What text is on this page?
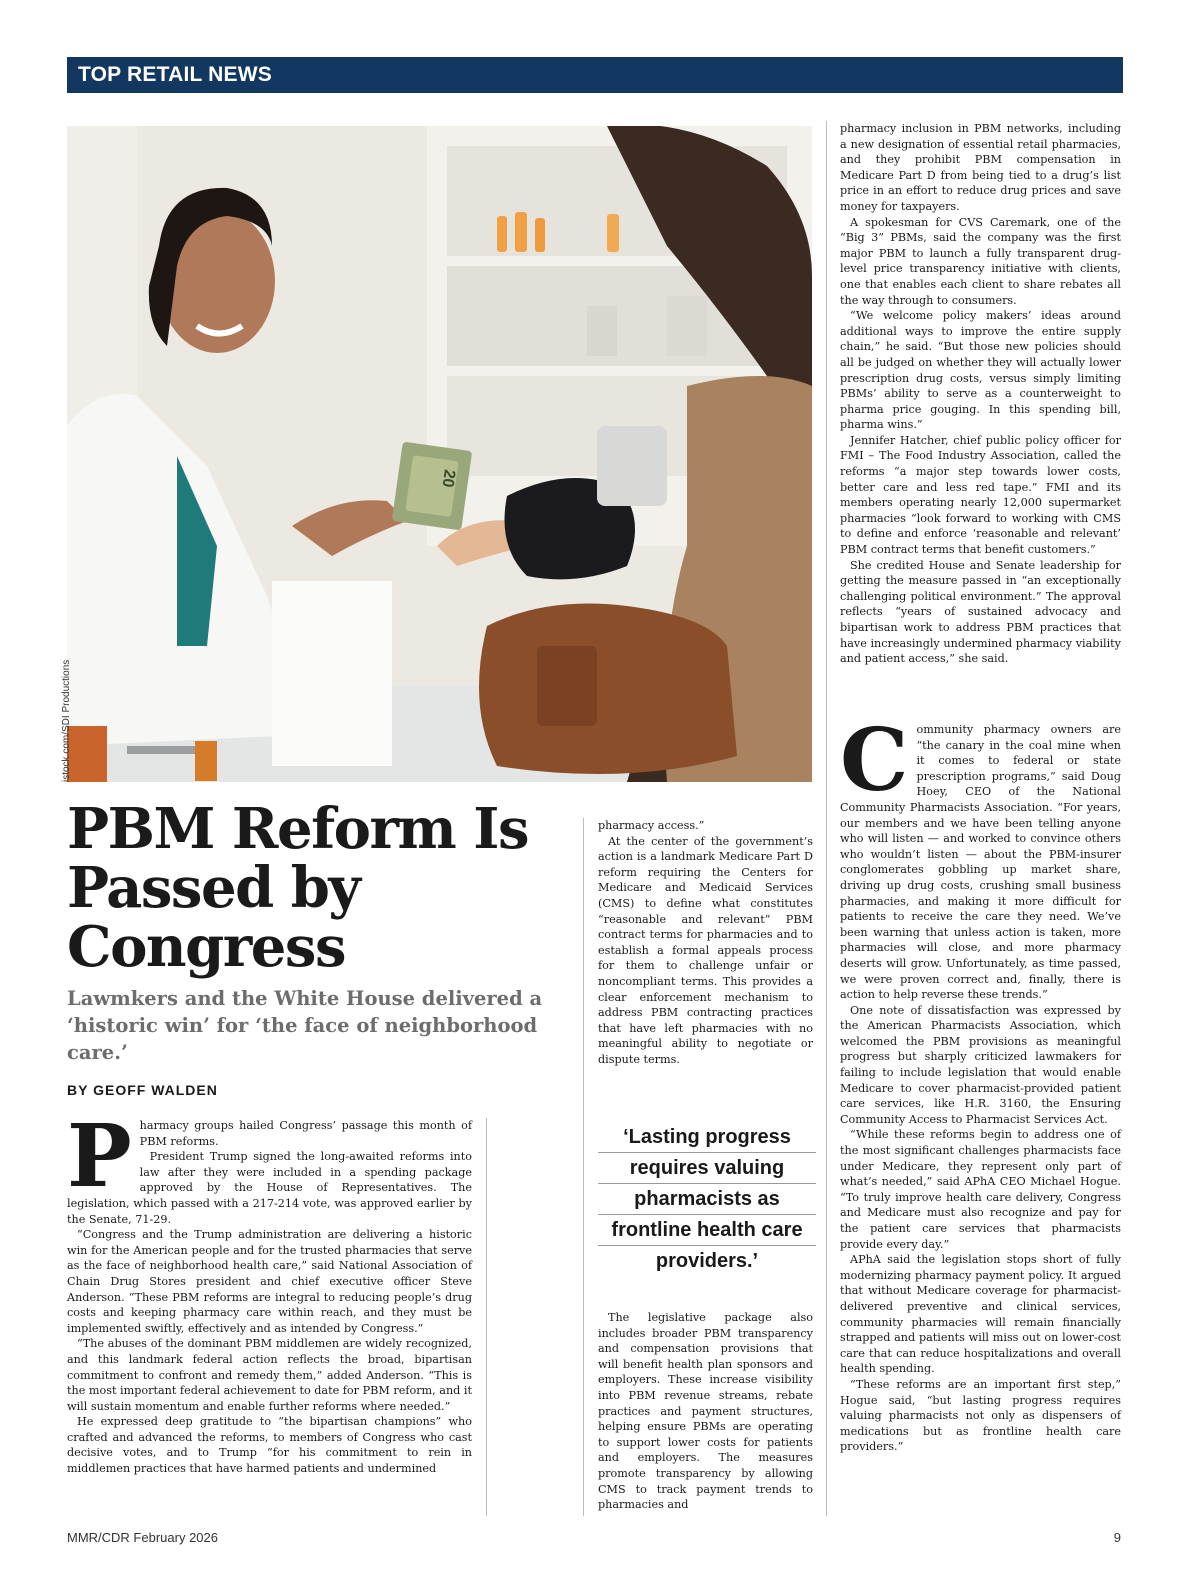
TOP RETAIL NEWS
20
istock.com/SDI Productions
PBM Reform Is Passed by Congress
Lawmkers and the White House delivered a ‘historic win’ for ‘the face of neighborhood care.’
BY GEOFF WALDEN

Pharmacy groups hailed Congress’ passage this month of PBM reforms.

President Trump signed the long-awaited reforms into law after they were included in a spending package approved by the House of Representatives. The legislation, which passed with a 217-214 vote, was approved earlier by the Senate, 71-29.

“Congress and the Trump administration are delivering a historic win for the American people and for the trusted pharmacies that serve as the face of neighborhood health care,” said National Association of Chain Drug Stores president and chief executive officer Steve Anderson. “These PBM reforms are integral to reducing people’s drug costs and keeping pharmacy care within reach, and they must be implemented swiftly, effectively and as intended by Congress.”

“The abuses of the dominant PBM middlemen are widely recognized, and this landmark federal action reflects the broad, bipartisan commitment to confront and remedy them,” added Anderson. “This is the most important federal achievement to date for PBM reform, and it will sustain momentum and enable further reforms where needed.”

He expressed deep gratitude to “the bipartisan champions” who crafted and advanced the reforms, to members of Congress who cast decisive votes, and to Trump “for his commitment to rein in middlemen practices that have harmed patients and undermined

pharmacy access.”

At the center of the government’s action is a landmark Medicare Part D reform requiring the Centers for Medicare and Medicaid Services (CMS) to define what constitutes “reasonable and relevant” PBM contract terms for pharmacies and to establish a formal appeals process for them to challenge unfair or noncompliant terms. This provides a clear enforcement mechanism to address PBM contracting practices that have left pharmacies with no meaningful ability to negotiate or dispute terms.

‘Lasting progress
requires valuing
pharmacists as
frontline health care
providers.’

The legislative package also includes broader PBM transparency and compensation provisions that will benefit health plan sponsors and employers. These increase visibility into PBM revenue streams, rebate practices and payment structures, helping ensure PBMs are operating to support lower costs for patients and employers. The measures promote transparency by allowing CMS to track payment trends to pharmacies and

pharmacy inclusion in PBM networks, including a new designation of essential retail pharmacies, and they prohibit PBM compensation in Medicare Part D from being tied to a drug’s list price in an effort to reduce drug prices and save money for taxpayers.

A spokesman for CVS Caremark, one of the “Big 3” PBMs, said the company was the first major PBM to launch a fully transparent drug-level price transparency initiative with clients, one that enables each client to share rebates all the way through to consumers.

“We welcome policy makers’ ideas around additional ways to improve the entire supply chain,” he said. “But those new policies should all be judged on whether they will actually lower prescription drug costs, versus simply limiting PBMs’ ability to serve as a counterweight to pharma price gouging. In this spending bill, pharma wins.”

Jennifer Hatcher, chief public policy officer for FMI – The Food Industry Association, called the reforms “a major step towards lower costs, better care and less red tape.” FMI and its members operating nearly 12,000 supermarket pharmacies “look forward to working with CMS to define and enforce ‘reasonable and relevant’ PBM contract terms that benefit customers.”

She credited House and Senate leadership for getting the measure passed in “an exceptionally challenging political environment.” The approval reflects “years of sustained advocacy and bipartisan work to address PBM practices that have increasingly undermined pharmacy viability and patient access,” she said.

Community pharmacy owners are “the canary in the coal mine when it comes to federal or state prescription programs,” said Doug Hoey, CEO of the National Community Pharmacists Association. “For years, our members and we have been telling anyone who will listen — and worked to convince others who wouldn’t listen — about the PBM-insurer conglomerates gobbling up market share, driving up drug costs, crushing small business pharmacies, and making it more difficult for patients to receive the care they need. We’ve been warning that unless action is taken, more pharmacies will close, and more pharmacy deserts will grow. Unfortunately, as time passed, we were proven correct and, finally, there is action to help reverse these trends.”

One note of dissatisfaction was expressed by the American Pharmacists Association, which welcomed the PBM provisions as meaningful progress but sharply criticized lawmakers for failing to include legislation that would enable Medicare to cover pharmacist-provided patient care services, like H.R. 3160, the Ensuring Community Access to Pharmacist Services Act.

“While these reforms begin to address one of the most significant challenges pharmacists face under Medicare, they represent only part of what’s needed,” said APhA CEO Michael Hogue. “To truly improve health care delivery, Congress and Medicare must also recognize and pay for the patient care services that pharmacists provide every day.”

APhA said the legislation stops short of fully modernizing pharmacy payment policy. It argued that without Medicare coverage for pharmacist-delivered preventive and clinical services, community pharmacies will remain financially strapped and patients will miss out on lower-cost care that can reduce hospitalizations and overall health spending.

“These reforms are an important first step,” Hogue said, “but lasting progress requires valuing pharmacists not only as dispensers of medications but as frontline health care providers.”

MMR/CDR February 2026	9
